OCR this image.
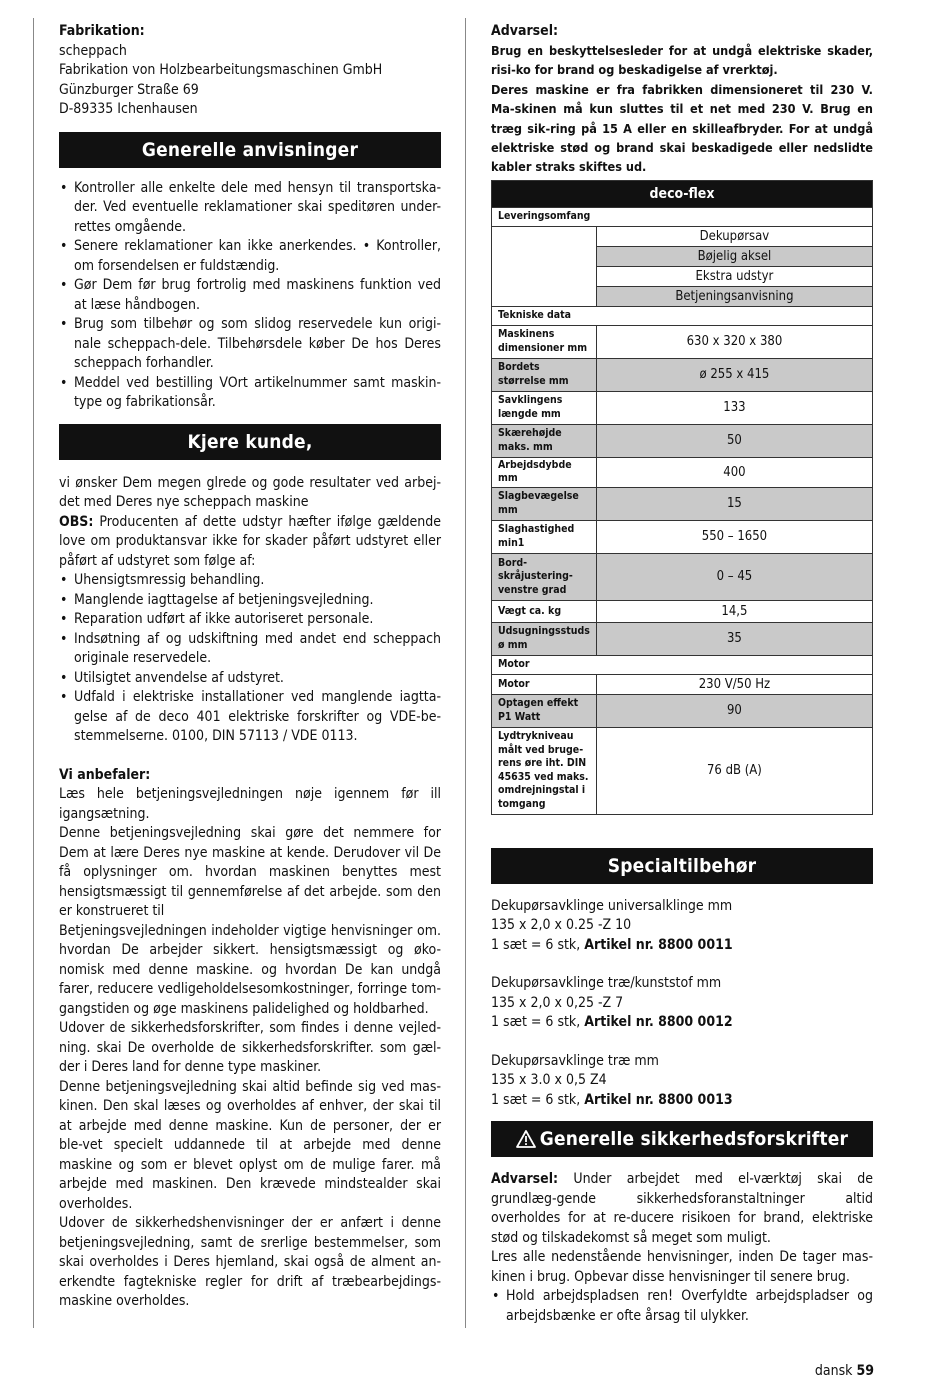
Fabrikation:
scheppach
Fabrikation von Holzbearbeitungsmaschinen GmbH
Günzburger Straße 69
D-89335 Ichenhausen
Generelle anvisninger
• Kontroller alle enkelte dele med hensyn til transportska-der. Ved eventuelle reklamationer skai speditøren under-rettes omgående.
• Senere reklamationer kan ikke anerkendes. • Kontroller, om forsendelsen er fuldstændig.
• Gør Dem før brug fortrolig med maskinens funktion ved at læse håndbogen.
• Brug som tilbehør og som slidog reservedele kun origi-nale scheppach-dele. Tilbehørsdele køber De hos Deres scheppach forhandler.
• Meddel ved bestilling VOrt artikelnummer samt maskin-type og fabrikationsår.
Kjere kunde,
vi ønsker Dem megen glrede og gode resultater ved arbej-det med Deres nye scheppach maskine
OBS: Producenten af dette udstyr hæfter ifølge gældende love om produktansvar ikke for skader påført udstyret eller påført af udstyret som følge af:
• Uhensigtsmressig behandling.
• Manglende iagttagelse af betjeningsvejledning.
• Reparation udført af ikke autoriseret personale.
• Indsøtning af og udskiftning med andet end scheppach originale reservedele.
• Utilsigtet anvendelse af udstyret.
• Udfald i elektriske installationer ved manglende iagtta-gelse af de deco 401 elektriske forskrifter og VDE-be-stemmelserne. 0100, DIN 57113 / VDE 0113.
Vi anbefaler:
Læs hele betjeningsvejledningen nøje igennem før ill igangsætning.
Denne betjeningsvejledning skai gøre det nemmere for Dem at lære Deres nye maskine at kende. Derudover vil De få oplysninger om. hvordan maskinen benyttes mest hensigtsmæssigt til gennemførelse af det arbejde. som den er konstrueret til
Betjeningsvejledningen indeholder vigtige henvisninger om. hvordan De arbejder sikkert. hensigtsmæssigt og øko-nomisk med denne maskine. og hvordan De kan undgå farer, reducere vedligeholdelsesomkostninger, forringe tom-gangstiden og øge maskinens palidelighed og holdbarhed.
Udover de sikkerhedsforskrifter, som findes i denne vejled-ning. skai De overholde de sikkerhedsforskrifter. som gæl-der i Deres land for denne type maskiner.
Denne betjeningsvejledning skai altid befinde sig ved mas-kinen. Den skal læses og overholdes af enhver, der skai til at arbejde med denne maskine. Kun de personer, der er ble-vet specielt uddannede til at arbejde med denne maskine og som er blevet oplyst om de mulige farer. må arbejde med maskinen. Den krævede mindstealder skai overholdes.
Udover de sikkerhedshenvisninger der er anfært i denne betjeningsvejledning, samt de srerlige bestemmelser, som skai overholdes i Deres hjemland, skai også de alment an-erkendte fagtekniske regler for drift af træbearbejdings-maskine overholdes.
Advarsel:

Brug en beskyttelsesleder for at undgå elektriske skader, risi-ko for brand og beskadigelse af vrerktøj.

Deres maskine er fra fabrikken dimensioneret til 230 V. Ma-skinen må kun sluttes til et net med 230 V. Brug en træg sik-ring på 15 A eller en skilleafbryder. For at undgå elektriske stød og brand skai beskadigede eller nedslidte kabler straks skiftes ud.

deco-flex	
Leveringsomfang	
	Dekupørsav
	Bøjelig aksel
	Ekstra udstyr
	Betjeningsanvisning
Tekniske data	
Maskinens dimensioner mm	630 x 320 x 380
Bordets størrelse mm	ø 255 x 415
Savklingens længde mm	133
Skærehøjde maks. mm	50
Arbejdsdybde mm	400
Slagbevægelse mm	15
Slaghastighed min1	550 – 1650
Bord-skråjustering-venstre grad	0 – 45
Vægt ca. kg	14,5
Udsugningsstuds ø mm	35
Motor	
Motor	230 V/50 Hz
Optagen effekt P1 Watt	90
Lydtrykniveau målt ved bruge-rens øre iht. DIN 45635 ved maks. omdrejningstal i tomgang	76 dB (A)
Specialtilbehør
Dekupørsavklinge universalklinge mm
135 x 2,0 x 0.25 -Z 10
1 sæt = 6 stk, Artikel nr. 8800 0011
Dekupørsavklinge træ/kunststof mm
135 x 2,0 x 0,25 -Z 7
1 sæt = 6 stk, Artikel nr. 8800 0012
Dekupørsavklinge træ mm
135 x 3.0 x 0,5 Z4
1 sæt = 6 stk, Artikel nr. 8800 0013
Generelle sikkerhedsforskrifter
Advarsel: Under arbejdet med el-værktøj skai de grundlæg-gende sikkerhedsforanstaltninger altid overholdes for at re-ducere risikoen for brand, elektriske stød og tilskadekomst så meget som muligt.
Lres alle nedenstående henvisninger, inden De tager mas-kinen i brug. Opbevar disse henvisninger til senere brug.
• Hold arbejdspladsen ren! Overfyldte arbejdspladser og arbejdsbænke er ofte årsag til ulykker.
dansk 59
